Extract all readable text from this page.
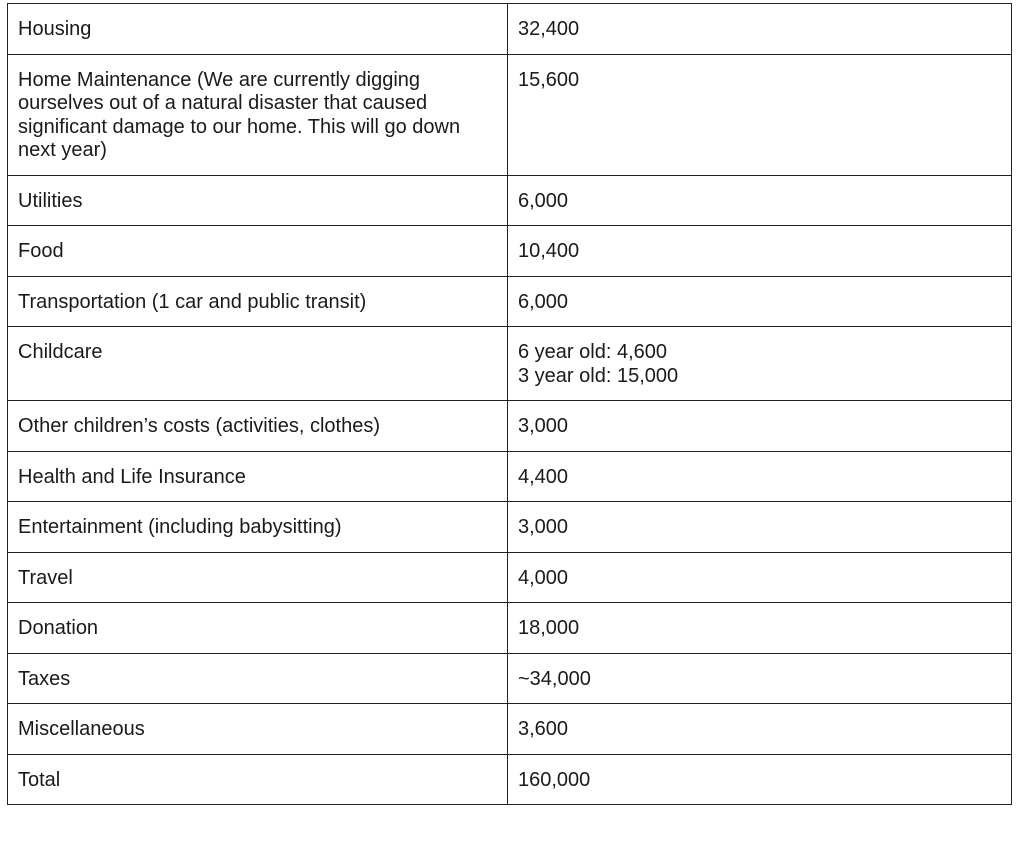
Housing	32,400
Home Maintenance (We are currently digging ourselves out of a natural disaster that caused significant damage to our home. This will go down next year)	15,600
Utilities	6,000
Food	10,400
Transportation (1 car and public transit)	6,000
Childcare	6 year old: 4,600
3 year old: 15,000

Other children’s costs (activities, clothes)	3,000
Health and Life Insurance	4,400
Entertainment (including babysitting)	3,000
Travel	4,000
Donation	18,000
Taxes	~34,000
Miscellaneous	3,600
Total	160,000
